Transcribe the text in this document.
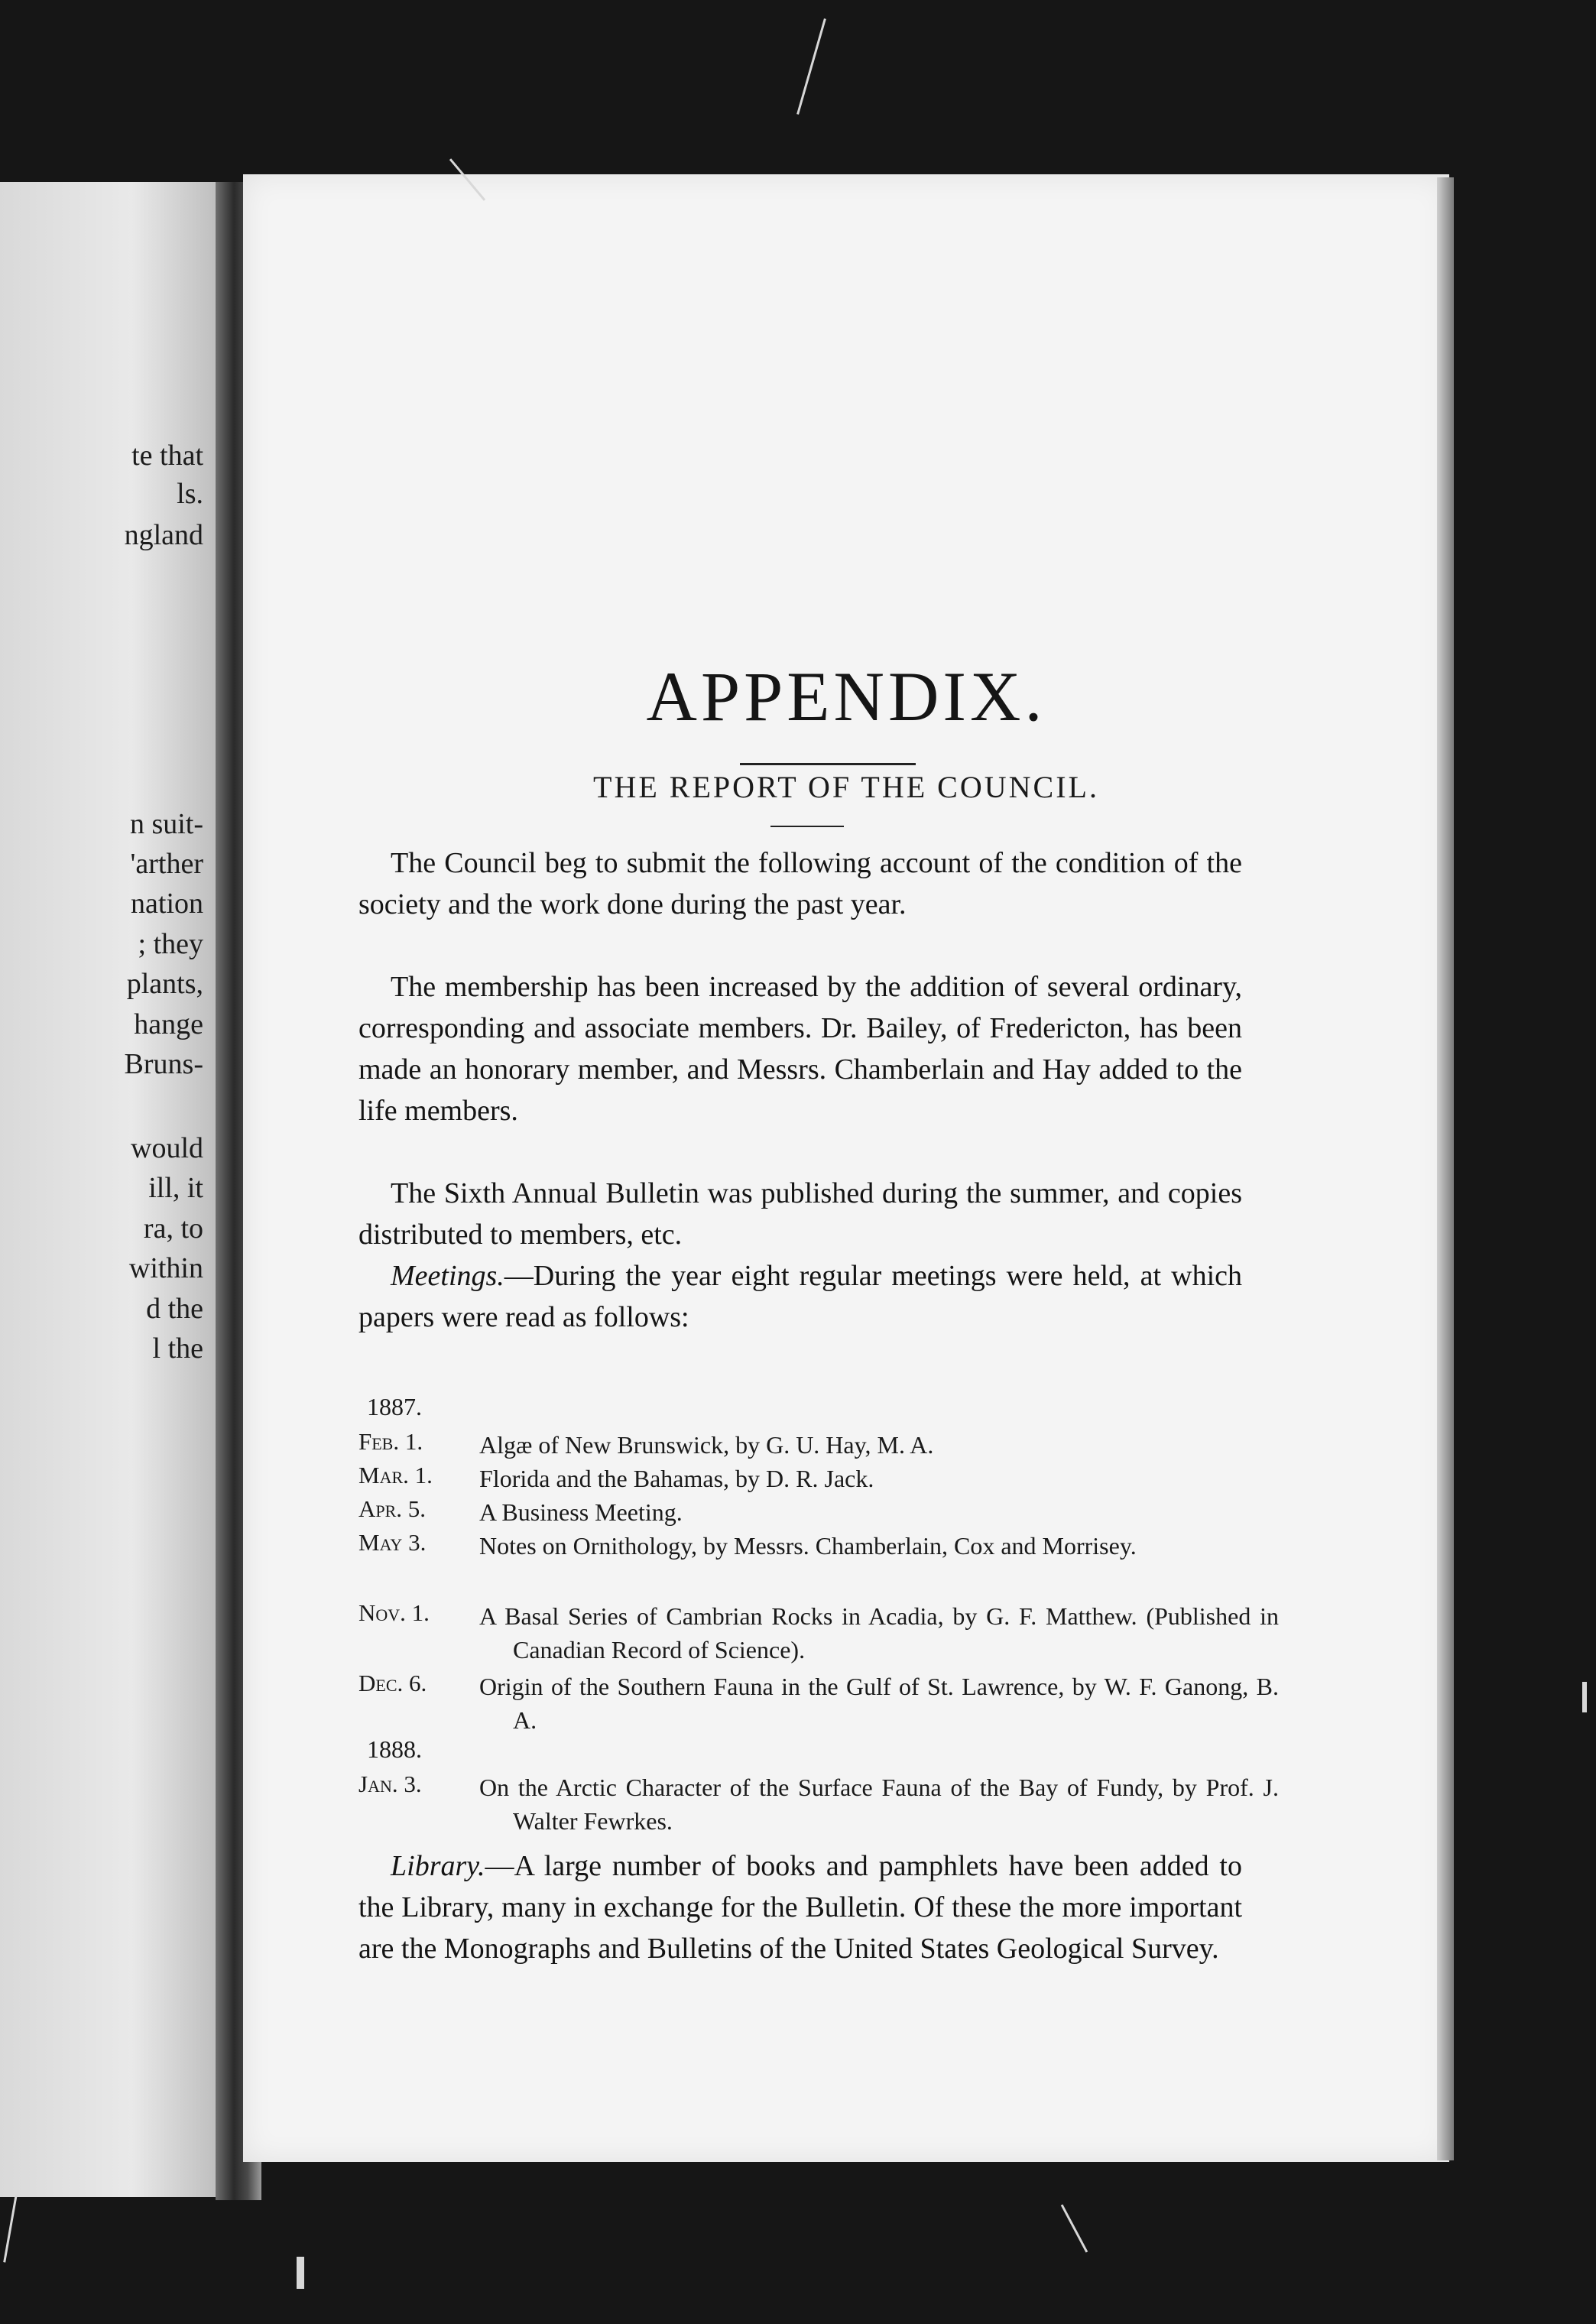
te that
ls.
ngland
n suit-
'arther
nation
; they
plants,
hange
Bruns-
would
ill, it
ra, to
within
d the
l the
APPENDIX.
THE REPORT OF THE COUNCIL.

The Council beg to submit the following account of the condition of the society and the work done during the past year.

The membership has been increased by the addition of several ordinary, corresponding and associate members. Dr. Bailey, of Fredericton, has been made an honorary member, and Messrs. Chamberlain and Hay added to the life members.

The Sixth Annual Bulletin was published during the summer, and copies distributed to members, etc.

Meetings.—During the year eight regular meetings were held, at which papers were read as follows:

1887.
Feb. 1.	Algæ of New Brunswick, by G. U. Hay, M. A.
Mar. 1.	Florida and the Bahamas, by D. R. Jack.
Apr. 5.	A Business Meeting.
May 3.	Notes on Ornithology, by Messrs. Chamberlain, Cox and Morrisey.
Nov. 1.	A Basal Series of Cambrian Rocks in Acadia, by G. F. Matthew. (Published in Canadian Record of Science).
Dec. 6.	Origin of the Southern Fauna in the Gulf of St. Lawrence, by W. F. Ganong, B. A.
1888.
Jan. 3.	On the Arctic Character of the Surface Fauna of the Bay of Fundy, by Prof. J. Walter Fewrkes.

Library.—A large number of books and pamphlets have been added to the Library, many in exchange for the Bulletin. Of these the more important are the Monographs and Bulletins of the United States Geological Survey.
